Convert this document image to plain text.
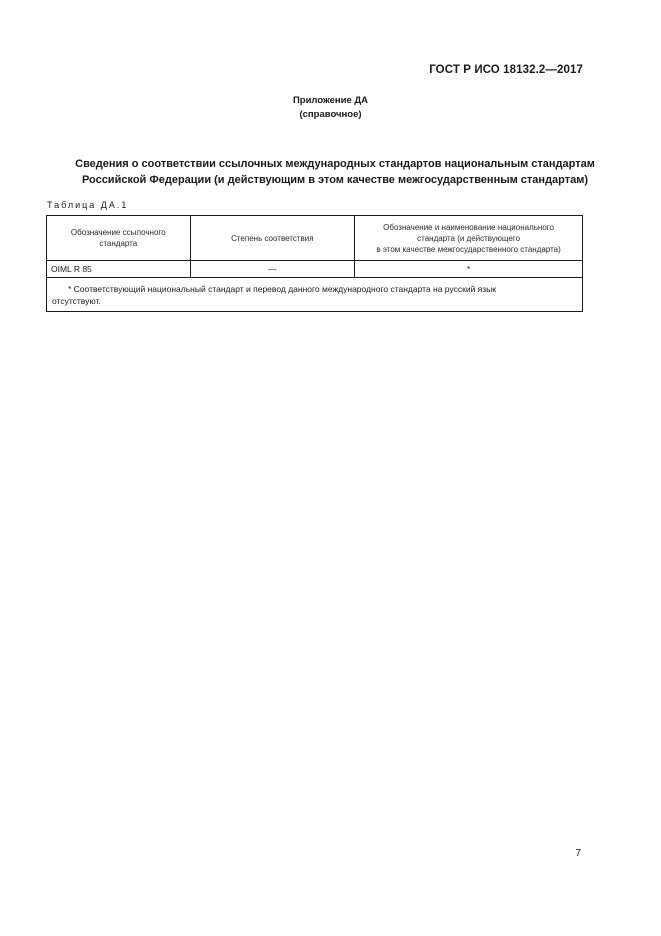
ГОСТ Р ИСО 18132.2—2017
Приложение ДА
(справочное)
Сведения о соответствии ссылочных международных стандартов национальным стандартам
Российской Федерации (и действующим в этом качестве межгосударственным стандартам)
Таблица ДА.1
Обозначение ссылочного стандарта	Степень соответствия	Обозначение и наименование национального
стандарта (и действующего
в этом качестве межгосударственного стандарта)

OIML R 85	—	*

* Соответствующий национальный стандарт и перевод данного международного стандарта на русский язык
отсутствуют.		
7
